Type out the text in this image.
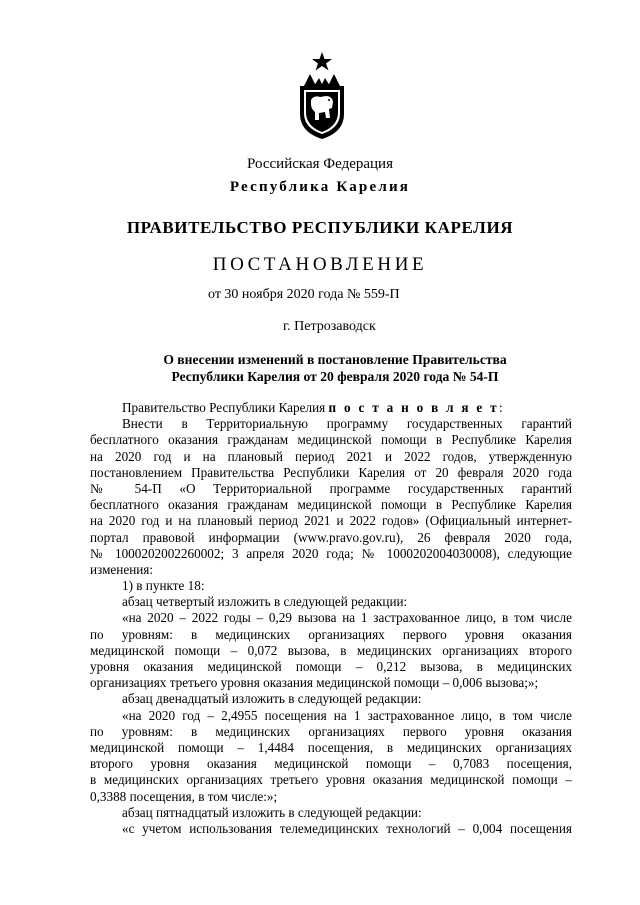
Российская Федерация
Республика Карелия
ПРАВИТЕЛЬСТВО РЕСПУБЛИКИ КАРЕЛИЯ
ПОСТАНОВЛЕНИЕ
от 30 ноября 2020 года № 559-П
г. Петрозаводск
О внесении изменений в постановление Правительства
Республики Карелия от 20 февраля 2020 года № 54-П
Правительство Республики Карелия п о с т а н о в л я е т:
Внести в Территориальную программу государственных гарантий
бесплатного оказания гражданам медицинской помощи в Республике Карелия
на 2020 год и на плановый период 2021 и 2022 годов, утвержденную
постановлением Правительства Республики Карелия от 20 февраля 2020 года
№ 54-П «О Территориальной программе государственных гарантий
бесплатного оказания гражданам медицинской помощи в Республике Карелия
на 2020 год и на плановый период 2021 и 2022 годов» (Официальный интернет-
портал правовой информации (www.pravo.gov.ru), 26 февраля 2020 года,
№ 1000202002260002; 3 апреля 2020 года; № 1000202004030008), следующие
изменения:
1) в пункте 18:
абзац четвертый изложить в следующей редакции:
«на 2020 – 2022 годы – 0,29 вызова на 1 застрахованное лицо, в том числе
по уровням: в медицинских организациях первого уровня оказания
медицинской помощи – 0,072 вызова, в медицинских организациях второго
уровня оказания медицинской помощи – 0,212 вызова, в медицинских
организациях третьего уровня оказания медицинской помощи – 0,006 вызова;»;
абзац двенадцатый изложить в следующей редакции:
«на 2020 год – 2,4955 посещения на 1 застрахованное лицо, в том числе
по уровням: в медицинских организациях первого уровня оказания
медицинской помощи – 1,4484 посещения, в медицинских организациях
второго уровня оказания медицинской помощи – 0,7083 посещения,
в медицинских организациях третьего уровня оказания медицинской помощи –
0,3388 посещения, в том числе:»;
абзац пятнадцатый изложить в следующей редакции:
«с учетом использования телемедицинских технологий – 0,004 посещения
